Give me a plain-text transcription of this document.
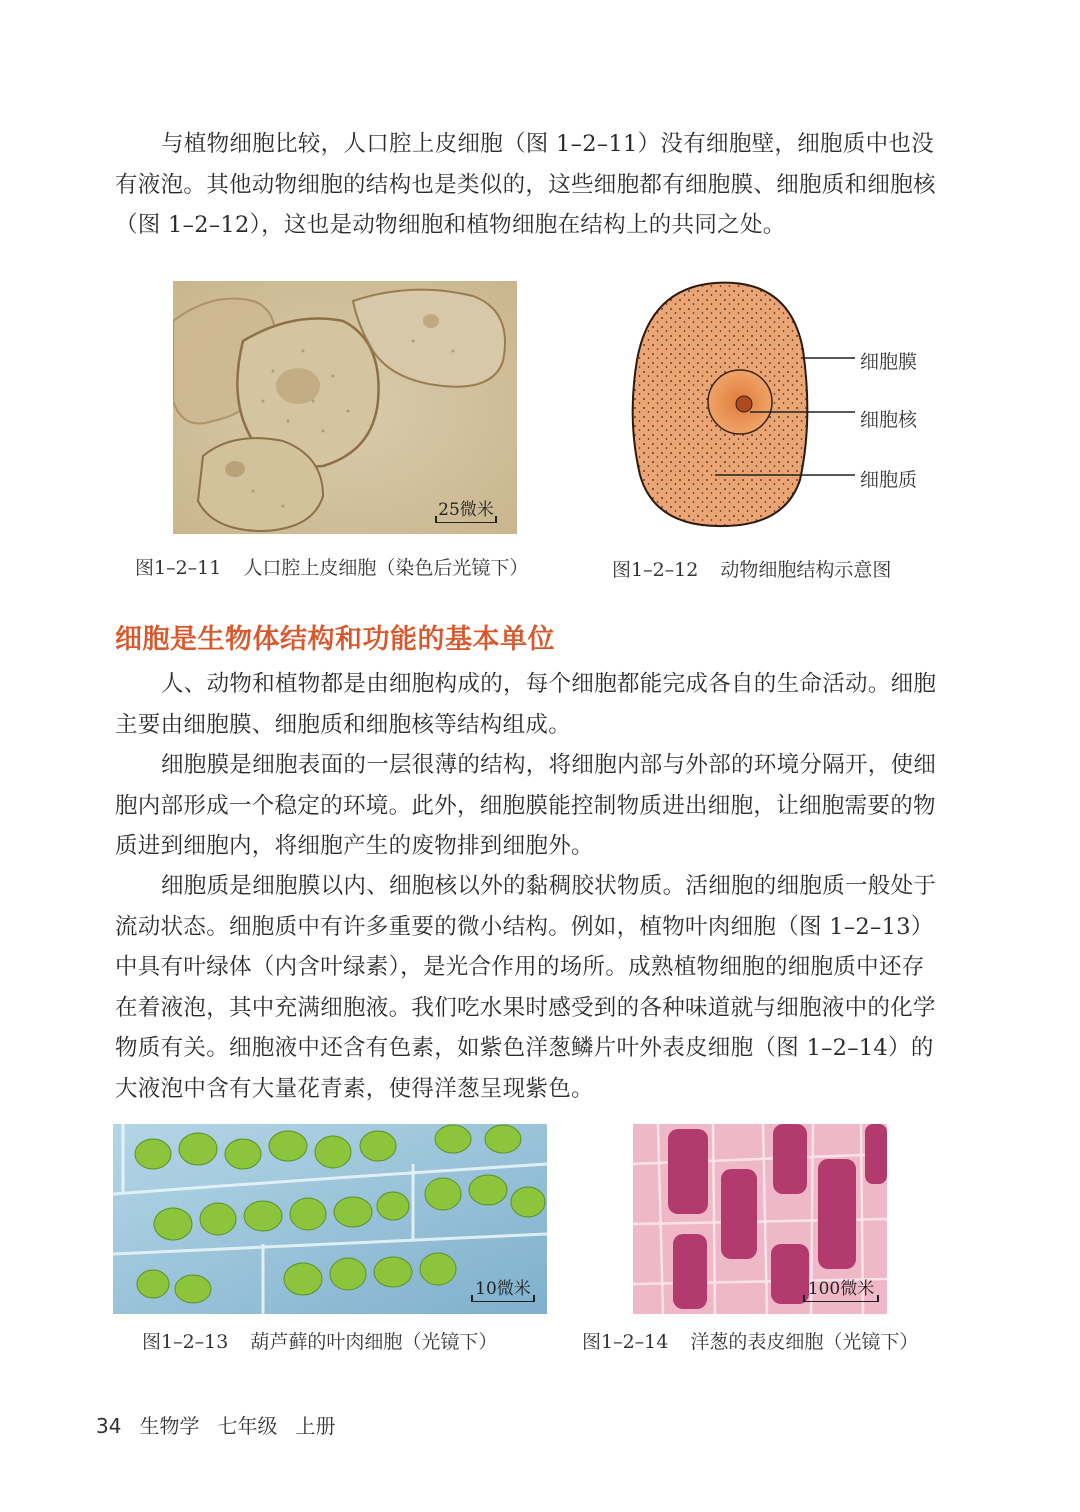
与植物细胞比较，人口腔上皮细胞（图 1–2–11）没有细胞壁，细胞质中也没有液泡。其他动物细胞的结构也是类似的，这些细胞都有细胞膜、细胞质和细胞核（图 1–2–12），这也是动物细胞和植物细胞在结构上的共同之处。

25微米
图1–2–11 人口腔上皮细胞（染色后光镜下）
细胞膜
细胞核
细胞质
图1–2–12 动物细胞结构示意图
细胞是生物体结构和功能的基本单位

人、动物和植物都是由细胞构成的，每个细胞都能完成各自的生命活动。细胞主要由细胞膜、细胞质和细胞核等结构组成。

细胞膜是细胞表面的一层很薄的结构，将细胞内部与外部的环境分隔开，使细胞内部形成一个稳定的环境。此外，细胞膜能控制物质进出细胞，让细胞需要的物质进到细胞内，将细胞产生的废物排到细胞外。

细胞质是细胞膜以内、细胞核以外的黏稠胶状物质。活细胞的细胞质一般处于流动状态。细胞质中有许多重要的微小结构。例如，植物叶肉细胞（图 1–2–13）中具有叶绿体（内含叶绿素），是光合作用的场所。成熟植物细胞的细胞质中还存在着液泡，其中充满细胞液。我们吃水果时感受到的各种味道就与细胞液中的化学物质有关。细胞液中还含有色素，如紫色洋葱鳞片叶外表皮细胞（图 1–2–14）的大液泡中含有大量花青素，使得洋葱呈现紫色。

10微米
图1–2–13 葫芦藓的叶肉细胞（光镜下）
100微米
图1–2–14 洋葱的表皮细胞（光镜下）
34 生物学 七年级 上册
